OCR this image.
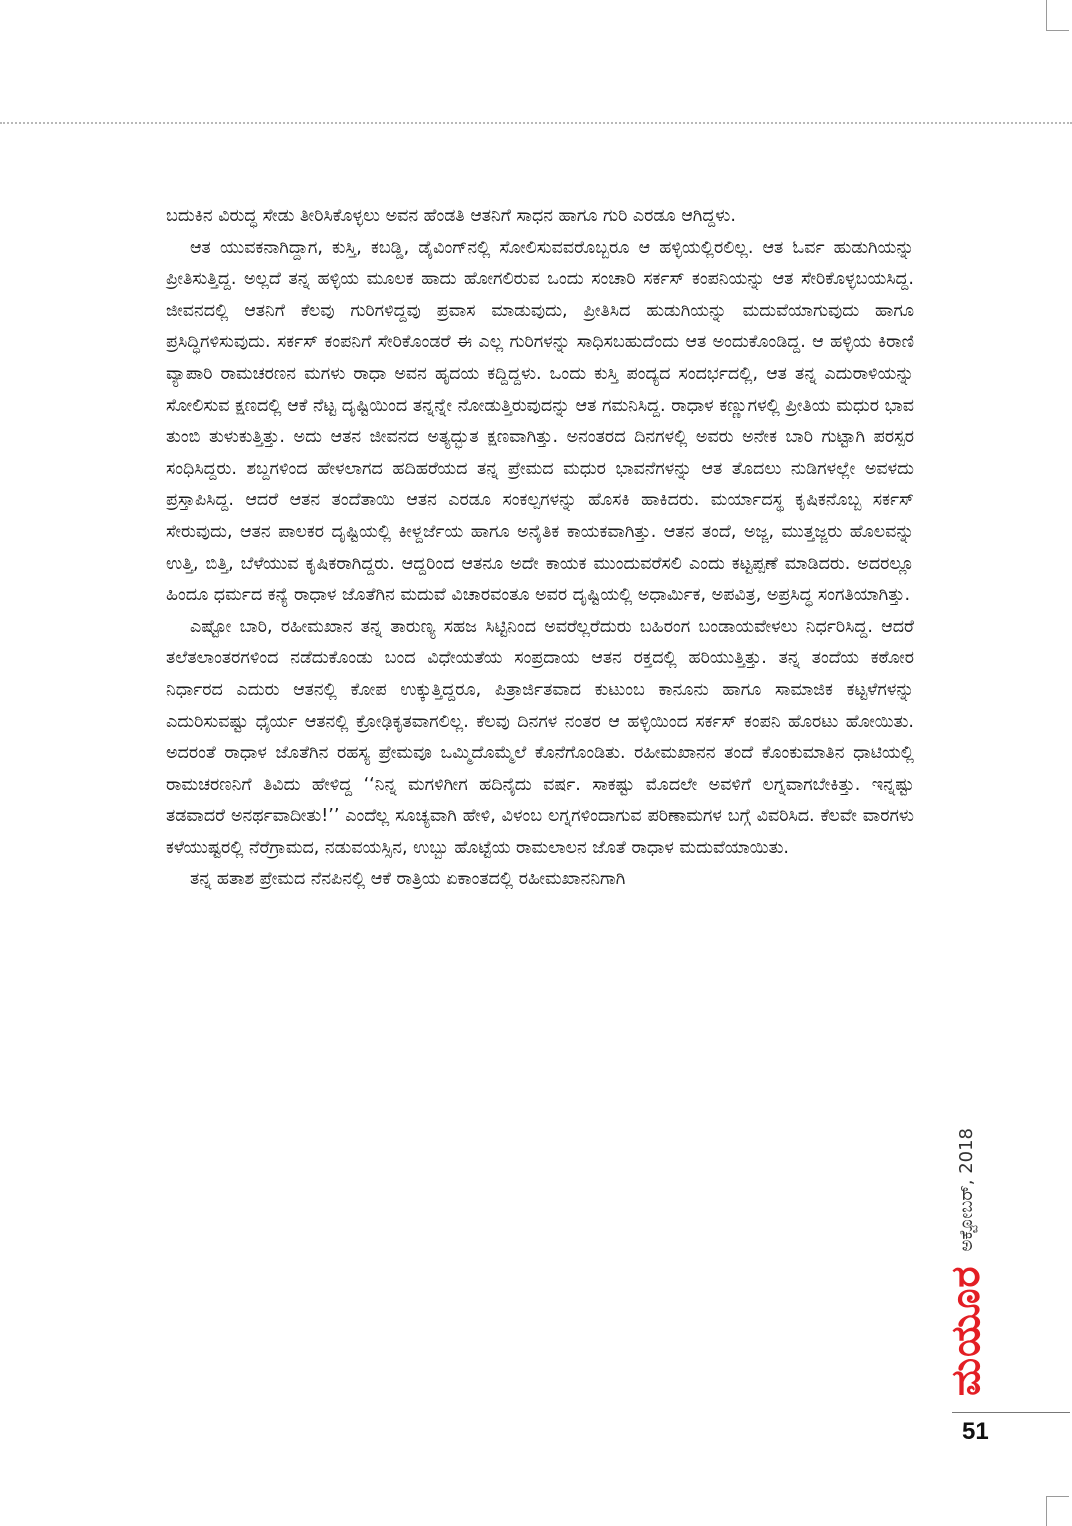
ಬದುಕಿನ ವಿರುದ್ಧ ಸೇಡು ತೀರಿಸಿಕೊಳ್ಳಲು ಅವನ ಹೆಂಡತಿ ಆತನಿಗೆ ಸಾಧನ ಹಾಗೂ ಗುರಿ ಎರಡೂ ಆಗಿದ್ದಳು.

ಆತ ಯುವಕನಾಗಿದ್ದಾಗ, ಕುಸ್ತಿ, ಕಬಡ್ಡಿ, ಡೈವಿಂಗ್‌ನಲ್ಲಿ ಸೋಲಿಸುವವರೊಬ್ಬರೂ ಆ ಹಳ್ಳಿಯಲ್ಲಿರಲಿಲ್ಲ. ಆತ ಓರ್ವ ಹುಡುಗಿಯನ್ನು ಪ್ರೀತಿಸುತ್ತಿದ್ದ. ಅಲ್ಲದೆ ತನ್ನ ಹಳ್ಳಿಯ ಮೂಲಕ ಹಾದು ಹೋಗಲಿರುವ ಒಂದು ಸಂಚಾರಿ ಸರ್ಕಸ್ ಕಂಪನಿಯನ್ನು ಆತ ಸೇರಿಕೊಳ್ಳಬಯಸಿದ್ದ. ಜೀವನದಲ್ಲಿ ಆತನಿಗೆ ಕೆಲವು ಗುರಿಗಳಿದ್ದವು ಪ್ರವಾಸ ಮಾಡುವುದು, ಪ್ರೀತಿಸಿದ ಹುಡುಗಿಯನ್ನು ಮದುವೆಯಾಗುವುದು ಹಾಗೂ ಪ್ರಸಿದ್ಧಿಗಳಿಸುವುದು. ಸರ್ಕಸ್ ಕಂಪನಿಗೆ ಸೇರಿಕೊಂಡರೆ ಈ ಎಲ್ಲ ಗುರಿಗಳನ್ನು ಸಾಧಿಸಬಹುದೆಂದು ಆತ ಅಂದುಕೊಂಡಿದ್ದ. ಆ ಹಳ್ಳಿಯ ಕಿರಾಣಿ ವ್ಯಾಪಾರಿ ರಾಮಚರಣನ ಮಗಳು ರಾಧಾ ಅವನ ಹೃದಯ ಕದ್ದಿದ್ದಳು. ಒಂದು ಕುಸ್ತಿ ಪಂದ್ಯದ ಸಂದರ್ಭದಲ್ಲಿ, ಆತ ತನ್ನ ಎದುರಾಳಿಯನ್ನು ಸೋಲಿಸುವ ಕ್ಷಣದಲ್ಲಿ ಆಕೆ ನೆಟ್ಟ ದೃಷ್ಟಿಯಿಂದ ತನ್ನನ್ನೇ ನೋಡುತ್ತಿರುವುದನ್ನು ಆತ ಗಮನಿಸಿದ್ದ. ರಾಧಾಳ ಕಣ್ಣುಗಳಲ್ಲಿ ಪ್ರೀತಿಯ ಮಧುರ ಭಾವ ತುಂಬಿ ತುಳುಕುತ್ತಿತ್ತು. ಅದು ಆತನ ಜೀವನದ ಅತ್ಯದ್ಭುತ ಕ್ಷಣವಾಗಿತ್ತು. ಅನಂತರದ ದಿನಗಳಲ್ಲಿ ಅವರು ಅನೇಕ ಬಾರಿ ಗುಟ್ಟಾಗಿ ಪರಸ್ಪರ ಸಂಧಿಸಿದ್ದರು. ಶಬ್ದಗಳಿಂದ ಹೇಳಲಾಗದ ಹದಿಹರೆಯದ ತನ್ನ ಪ್ರೇಮದ ಮಧುರ ಭಾವನೆಗಳನ್ನು ಆತ ತೊದಲು ನುಡಿಗಳಲ್ಲೇ ಅವಳದು ಪ್ರಸ್ತಾಪಿಸಿದ್ದ. ಆದರೆ ಆತನ ತಂದೆತಾಯಿ ಆತನ ಎರಡೂ ಸಂಕಲ್ಪಗಳನ್ನು ಹೊಸಕಿ ಹಾಕಿದರು. ಮರ್ಯಾದಸ್ಥ ಕೃಷಿಕನೊಬ್ಬ ಸರ್ಕಸ್ ಸೇರುವುದು, ಆತನ ಪಾಲಕರ ದೃಷ್ಟಿಯಲ್ಲಿ ಕೀಳ್ದರ್ಜೆಯ ಹಾಗೂ ಅನೈತಿಕ ಕಾಯಕವಾಗಿತ್ತು. ಆತನ ತಂದೆ, ಅಜ್ಜ, ಮುತ್ತಜ್ಜರು ಹೊಲವನ್ನು ಉತ್ತಿ, ಬಿತ್ತಿ, ಬೆಳೆಯುವ ಕೃಷಿಕರಾಗಿದ್ದರು. ಆದ್ದರಿಂದ ಆತನೂ ಅದೇ ಕಾಯಕ ಮುಂದುವರೆಸಲಿ ಎಂದು ಕಟ್ಟಪ್ಪಣೆ ಮಾಡಿದರು. ಅದರಲ್ಲೂ ಹಿಂದೂ ಧರ್ಮದ ಕನ್ಯೆ ರಾಧಾಳ ಜೊತೆಗಿನ ಮದುವೆ ವಿಚಾರವಂತೂ ಅವರ ದೃಷ್ಟಿಯಲ್ಲಿ ಅಧಾರ್ಮಿಕ, ಅಪವಿತ್ರ, ಅಪ್ರಸಿದ್ಧ ಸಂಗತಿಯಾಗಿತ್ತು.

ಎಷ್ಟೋ ಬಾರಿ, ರಹೀಮಖಾನ ತನ್ನ ತಾರುಣ್ಯ ಸಹಜ ಸಿಟ್ಟಿನಿಂದ ಅವರೆಲ್ಲರೆದುರು ಬಹಿರಂಗ ಬಂಡಾಯವೇಳಲು ನಿರ್ಧರಿಸಿದ್ದ. ಆದರೆ ತಲೆತಲಾಂತರಗಳಿಂದ ನಡೆದುಕೊಂಡು ಬಂದ ವಿಧೇಯತೆಯ ಸಂಪ್ರದಾಯ ಆತನ ರಕ್ತದಲ್ಲಿ ಹರಿಯುತ್ತಿತ್ತು. ತನ್ನ ತಂದೆಯ ಕಠೋರ ನಿರ್ಧಾರದ ಎದುರು ಆತನಲ್ಲಿ ಕೋಪ ಉಕ್ಕುತ್ತಿದ್ದರೂ, ಪಿತ್ರಾರ್ಜಿತವಾದ ಕುಟುಂಬ ಕಾನೂನು ಹಾಗೂ ಸಾಮಾಜಿಕ ಕಟ್ಟಳೆಗಳನ್ನು ಎದುರಿಸುವಷ್ಟು ಧೈರ್ಯ ಆತನಲ್ಲಿ ಕ್ರೋಢಿಕೃತವಾಗಲಿಲ್ಲ. ಕೆಲವು ದಿನಗಳ ನಂತರ ಆ ಹಳ್ಳಿಯಿಂದ ಸರ್ಕಸ್ ಕಂಪನಿ ಹೊರಟು ಹೋಯಿತು. ಅದರಂತೆ ರಾಧಾಳ ಜೊತೆಗಿನ ರಹಸ್ಯ ಪ್ರೇಮವೂ ಒಮ್ಮಿದೊಮ್ಮೆಲೆ ಕೊನೆಗೊಂಡಿತು. ರಹೀಮಖಾನನ ತಂದೆ ಕೊಂಕುಮಾತಿನ ಧಾಟಿಯಲ್ಲಿ ರಾಮಚರಣನಿಗೆ ತಿವಿದು ಹೇಳಿದ್ದ ‘‘ನಿನ್ನ ಮಗಳಿಗೀಗ ಹದಿನೈದು ವರ್ಷ. ಸಾಕಷ್ಟು ಮೊದಲೇ ಅವಳಿಗೆ ಲಗ್ನವಾಗಬೇಕಿತ್ತು. ಇನ್ನಷ್ಟು ತಡವಾದರೆ ಅನರ್ಥವಾದೀತು!’’ ಎಂದೆಲ್ಲ ಸೂಚ್ಯವಾಗಿ ಹೇಳಿ, ವಿಳಂಬ ಲಗ್ನಗಳಿಂದಾಗುವ ಪರಿಣಾಮಗಳ ಬಗ್ಗೆ ವಿವರಿಸಿದ. ಕೆಲವೇ ವಾರಗಳು ಕಳೆಯುಷ್ಟರಲ್ಲಿ ನೆರೆಗ್ರಾಮದ, ನಡುವಯಸ್ಸಿನ, ಉಬ್ಬು ಹೊಟ್ಟೆಯ ರಾಮಲಾಲನ ಜೊತೆ ರಾಧಾಳ ಮದುವೆಯಾಯಿತು.

ತನ್ನ ಹತಾಶ ಪ್ರೇಮದ ನೆನಪಿನಲ್ಲಿ ಆಕೆ ರಾತ್ರಿಯ ಏಕಾಂತದಲ್ಲಿ ರಹೀಮಖಾನನಿಗಾಗಿ

ಮಯೂರ
ಅಕ್ಟೋಬರ್, 2018
51
